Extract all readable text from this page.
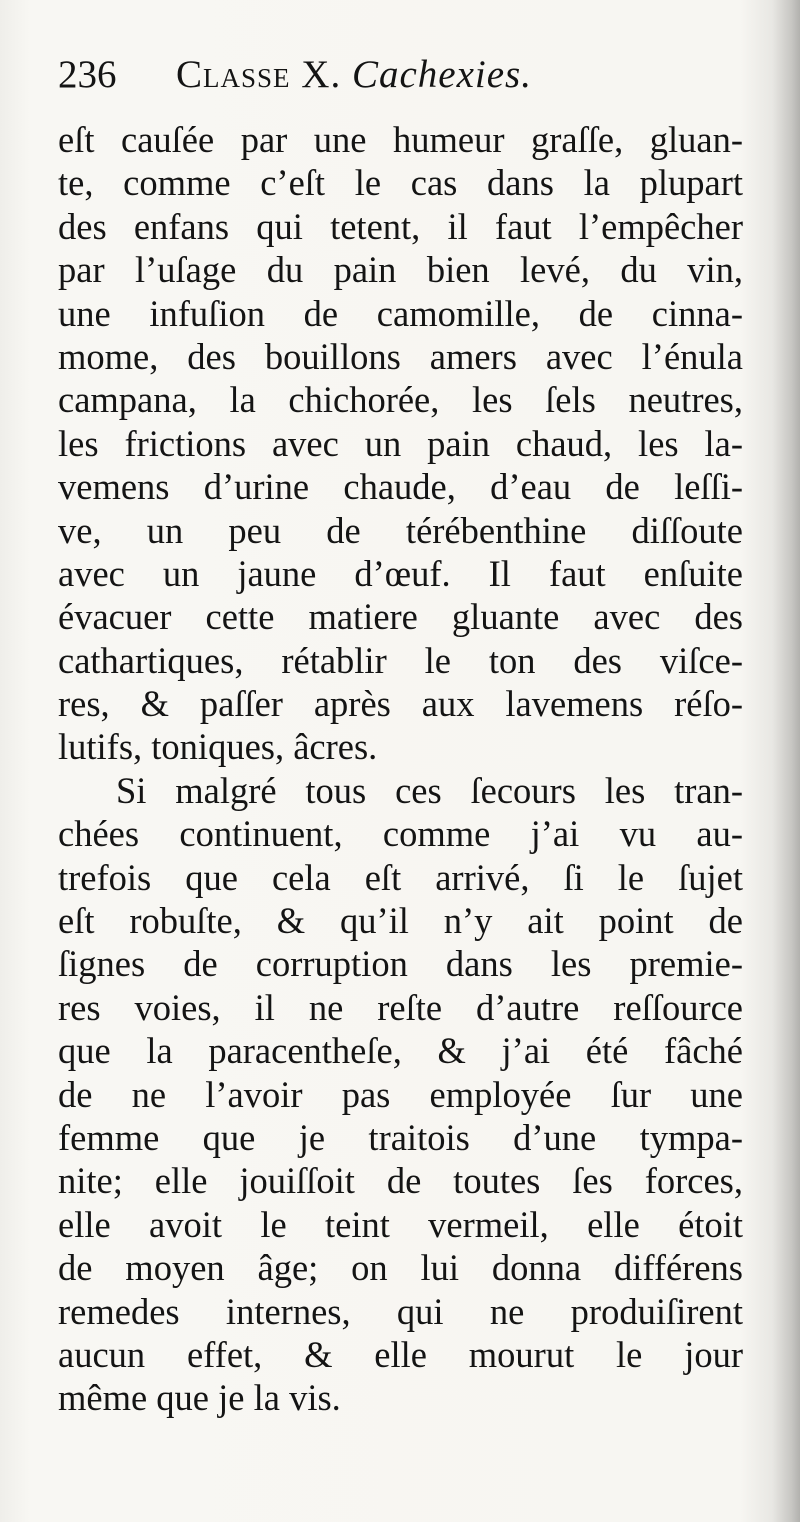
236 Classe X. Cachexies.
eſt cauſée par une humeur graſſe, gluan-
te, comme c’eſt le cas dans la plupart
des enfans qui tetent, il faut l’empêcher
par l’uſage du pain bien levé, du vin,
une infuſion de camomille, de cinna-
mome, des bouillons amers avec l’énula
campana, la chichorée, les ſels neutres,
les frictions avec un pain chaud, les la-
vemens d’urine chaude, d’eau de leſſi-
ve, un peu de térébenthine diſſoute
avec un jaune d’œuf. Il faut enſuite
évacuer cette matiere gluante avec des
cathartiques, rétablir le ton des viſce-
res, & paſſer après aux lavemens réſo-
lutifs, toniques, âcres.
Si malgré tous ces ſecours les tran-
chées continuent, comme j’ai vu au-
trefois que cela eſt arrivé, ſi le ſujet
eſt robuſte, & qu’il n’y ait point de
ſignes de corruption dans les premie-
res voies, il ne reſte d’autre reſſource
que la paracentheſe, & j’ai été fâché
de ne l’avoir pas employée ſur une
femme que je traitois d’une tympa-
nite; elle jouiſſoit de toutes ſes forces,
elle avoit le teint vermeil, elle étoit
de moyen âge; on lui donna différens
remedes internes, qui ne produiſirent
aucun effet, & elle mourut le jour
même que je la vis.
